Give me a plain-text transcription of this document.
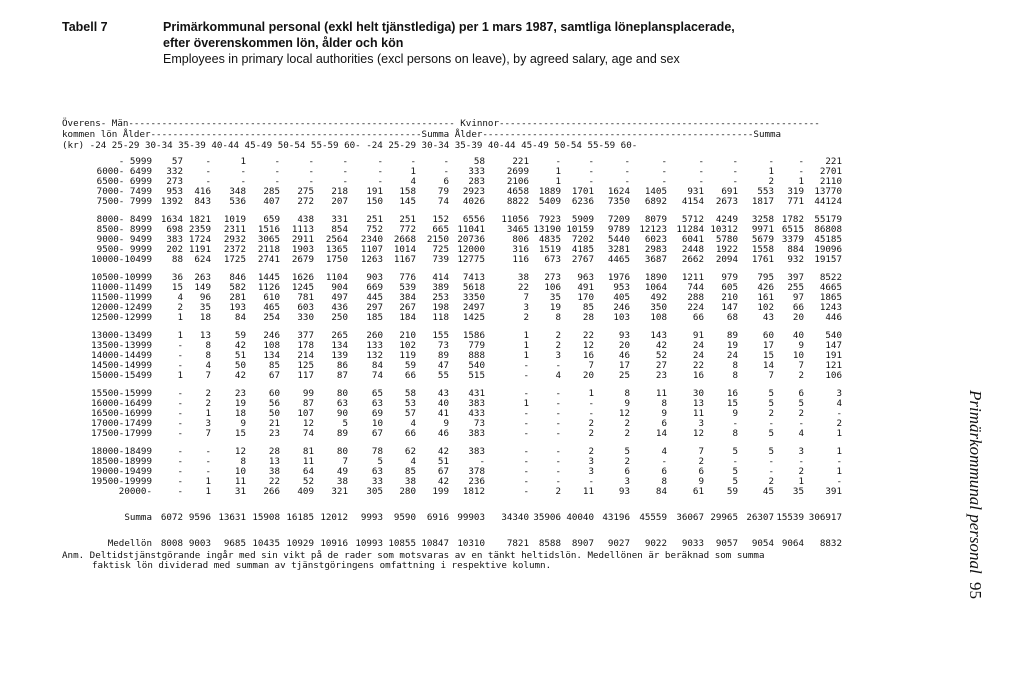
Tabell 7	Primärkommunal personal (exkl helt tjänstlediga) per 1 mars 1987, samtliga löneplansplacerade,
efter överenskommen lön, ålder och kön
Employees in primary local authorities (excl persons on leave), by agreed salary, age and sex
Överens- Män----------------------------------------------------------- Kvinnor----------------------------------------------------------
kommen lön Ålder-------------------------------------------------Summa Ålder-------------------------------------------------Summa
(kr) -24 25-29 30-34 35-39 40-44 45-49 50-54 55-59 60- -24 25-29 30-34 35-39 40-44 45-49 50-54 55-59 60-
- 5999	57	-	1	-	-	-	-	-	-	58	221	-	-	-	-	-	-	-	-	221
6000- 6499	332	-	-	-	-	-	-	1	-	333	2699	1	-	-	-	-	-	1	-	2701
6500- 6999	273	-	-	-	-	-	-	4	6	283	2106	1	-	-	-	-	-	2	1	2110
7000- 7499	953	416	348	285	275	218	191	158	79	2923	4658	1889	1701	1624	1405	931	691	553	319	13770
7500- 7999	1392	843	536	407	272	207	150	145	74	4026	8822	5409	6236	7350	6892	4154	2673	1817	771	44124

8000- 8499	1634	1821	1019	659	438	331	251	251	152	6556	11056	7923	5909	7209	8079	5712	4249	3258	1782	55179
8500- 8999	698	2359	2311	1516	1113	854	752	772	665	11041	3465	13190	10159	9789	12123	11284	10312	9971	6515	86808
9000- 9499	383	1724	2932	3065	2911	2564	2340	2668	2150	20736	806	4835	7202	5440	6023	6041	5780	5679	3379	45185
9500- 9999	202	1191	2372	2118	1903	1365	1107	1014	725	12000	316	1519	4185	3281	2983	2448	1922	1558	884	19096
10000-10499	88	624	1725	2741	2679	1750	1263	1167	739	12775	116	673	2767	4465	3687	2662	2094	1761	932	19157

10500-10999	36	263	846	1445	1626	1104	903	776	414	7413	38	273	963	1976	1890	1211	979	795	397	8522
11000-11499	15	149	582	1126	1245	904	669	539	389	5618	22	106	491	953	1064	744	605	426	255	4665
11500-11999	4	96	281	610	781	497	445	384	253	3350	7	35	170	405	492	288	210	161	97	1865
12000-12499	2	35	193	465	603	436	297	267	198	2497	3	19	85	246	350	224	147	102	66	1243
12500-12999	1	18	84	254	330	250	185	184	118	1425	2	8	28	103	108	66	68	43	20	446

13000-13499	1	13	59	246	377	265	260	210	155	1586	1	2	22	93	143	91	89	60	40	540
13500-13999	-	8	42	108	178	134	133	102	73	779	1	2	12	20	42	24	19	17	9	147
14000-14499	-	8	51	134	214	139	132	119	89	888	1	3	16	46	52	24	24	15	10	191
14500-14999	-	4	50	85	125	86	84	59	47	540	-	-	7	17	27	22	8	14	7	121
15000-15499	1	7	42	67	117	87	74	66	55	515	-	4	20	25	23	16	8	7	2	106

15500-15999	-	2	23	60	99	80	65	58	43	431	-	-	1	8	11	30	16	5	6	3
16000-16499	-	2	19	56	87	63	63	53	40	383	1	-	-	9	8	13	15	5	5	4
16500-16999	-	1	18	50	107	90	69	57	41	433	-	-	-	12	9	11	9	2	2	-
17000-17499	-	3	9	21	12	5	10	4	9	73	-	-	2	2	6	3	-	-	-	2
17500-17999	-	7	15	23	74	89	67	66	46	383	-	-	2	2	14	12	8	5	4	1

18000-18499	-	-	12	28	81	80	78	62	42	383	-	-	2	5	4	7	5	5	3	1
18500-18999	-	-	8	13	11	7	5	4	51	-	-	-	3	2	-	2	-	-	-	-
19000-19499	-	-	10	38	64	49	63	85	67	378	-	-	3	6	6	6	5	-	2	1
19500-19999	-	1	11	22	52	38	33	38	42	236	-	-	-	3	8	9	5	2	1	-
20000-	-	1	31	266	409	321	305	280	199	1812	-	2	11	93	84	61	59	45	35	391

Summa	6072	9596	13631	15908	16185	12012	9993	9590	6916	99903	34340	35906	40040	43196	45559	36067	29965	26307	15539	306917

Medellön	8008	9003	9685	10435	10929	10916	10993	10855	10847	10310	7821	8588	8907	9027	9022	9033	9057	9054	9064	8832
Anm. Deltidstjänstgörande ingår med sin vikt på de rader som motsvaras av en tänkt heltidslön. Medellönen är beräknad som summa
faktisk lön dividerad med summan av tjänstgöringens omfattning i respektive kolumn.	Primärkommunal personal
95
